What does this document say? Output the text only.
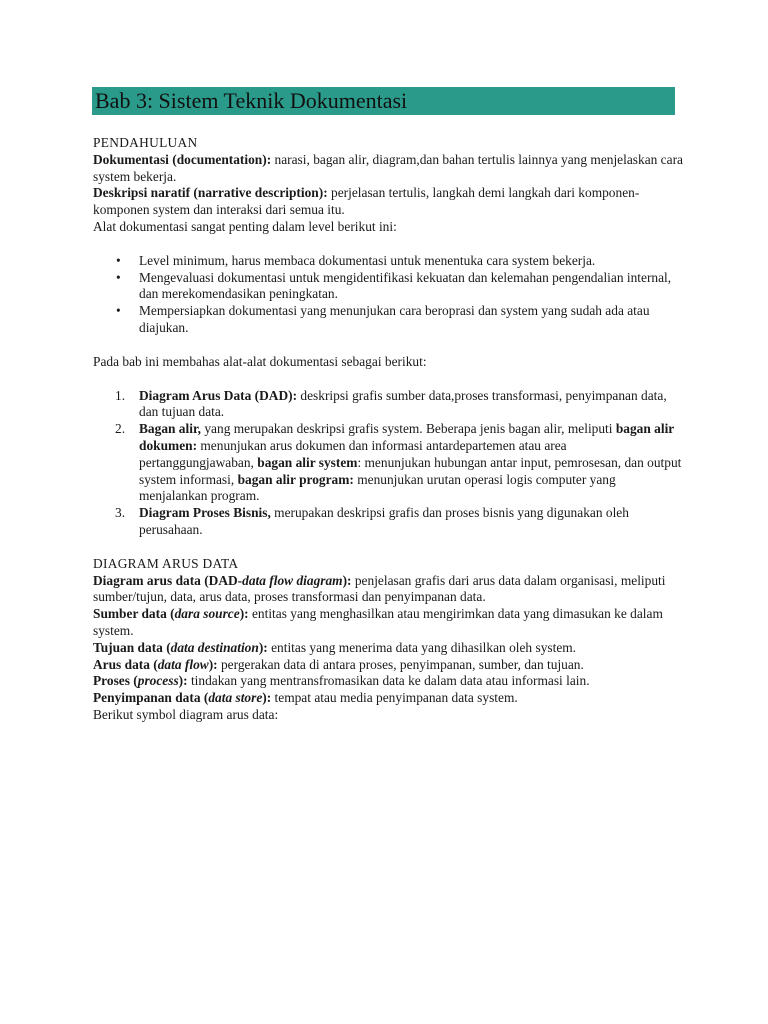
Bab 3: Sistem Teknik Dokumentasi

PENDAHULUAN

Dokumentasi (documentation): narasi, bagan alir, diagram,dan bahan tertulis lainnya yang menjelaskan cara system bekerja.

Deskripsi naratif (narrative description): perjelasan tertulis, langkah demi langkah dari komponen-komponen system dan interaksi dari semua itu.

Alat dokumentasi sangat penting dalam level berikut ini:

• Level minimum, harus membaca dokumentasi untuk menentuka cara system bekerja.
• Mengevaluasi dokumentasi untuk mengidentifikasi kekuatan dan kelemahan pengendalian internal, dan merekomendasikan peningkatan.
• Mempersiapkan dokumentasi yang menunjukan cara beroprasi dan system yang sudah ada atau diajukan.

Pada bab ini membahas alat-alat dokumentasi sebagai berikut:

1. Diagram Arus Data (DAD): deskripsi grafis sumber data,proses transformasi, penyimpanan data, dan tujuan data.
2. Bagan alir, yang merupakan deskripsi grafis system. Beberapa jenis bagan alir, meliputi bagan alir dokumen: menunjukan arus dokumen dan informasi antardepartemen atau area pertanggungjawaban, bagan alir system: menunjukan hubungan antar input, pemrosesan, dan output system informasi, bagan alir program: menunjukan urutan operasi logis computer yang menjalankan program.
3. Diagram Proses Bisnis, merupakan deskripsi grafis dan proses bisnis yang digunakan oleh perusahaan.

DIAGRAM ARUS DATA

Diagram arus data (DAD-data flow diagram): penjelasan grafis dari arus data dalam organisasi, meliputi sumber/tujun, data, arus data, proses transformasi dan penyimpanan data.

Sumber data (dara source): entitas yang menghasilkan atau mengirimkan data yang dimasukan ke dalam system.

Tujuan data (data destination): entitas yang menerima data yang dihasilkan oleh system.

Arus data (data flow): pergerakan data di antara proses, penyimpanan, sumber, dan tujuan.

Proses (process): tindakan yang mentransfromasikan data ke dalam data atau informasi lain.

Penyimpanan data (data store): tempat atau media penyimpanan data system.

Berikut symbol diagram arus data:
